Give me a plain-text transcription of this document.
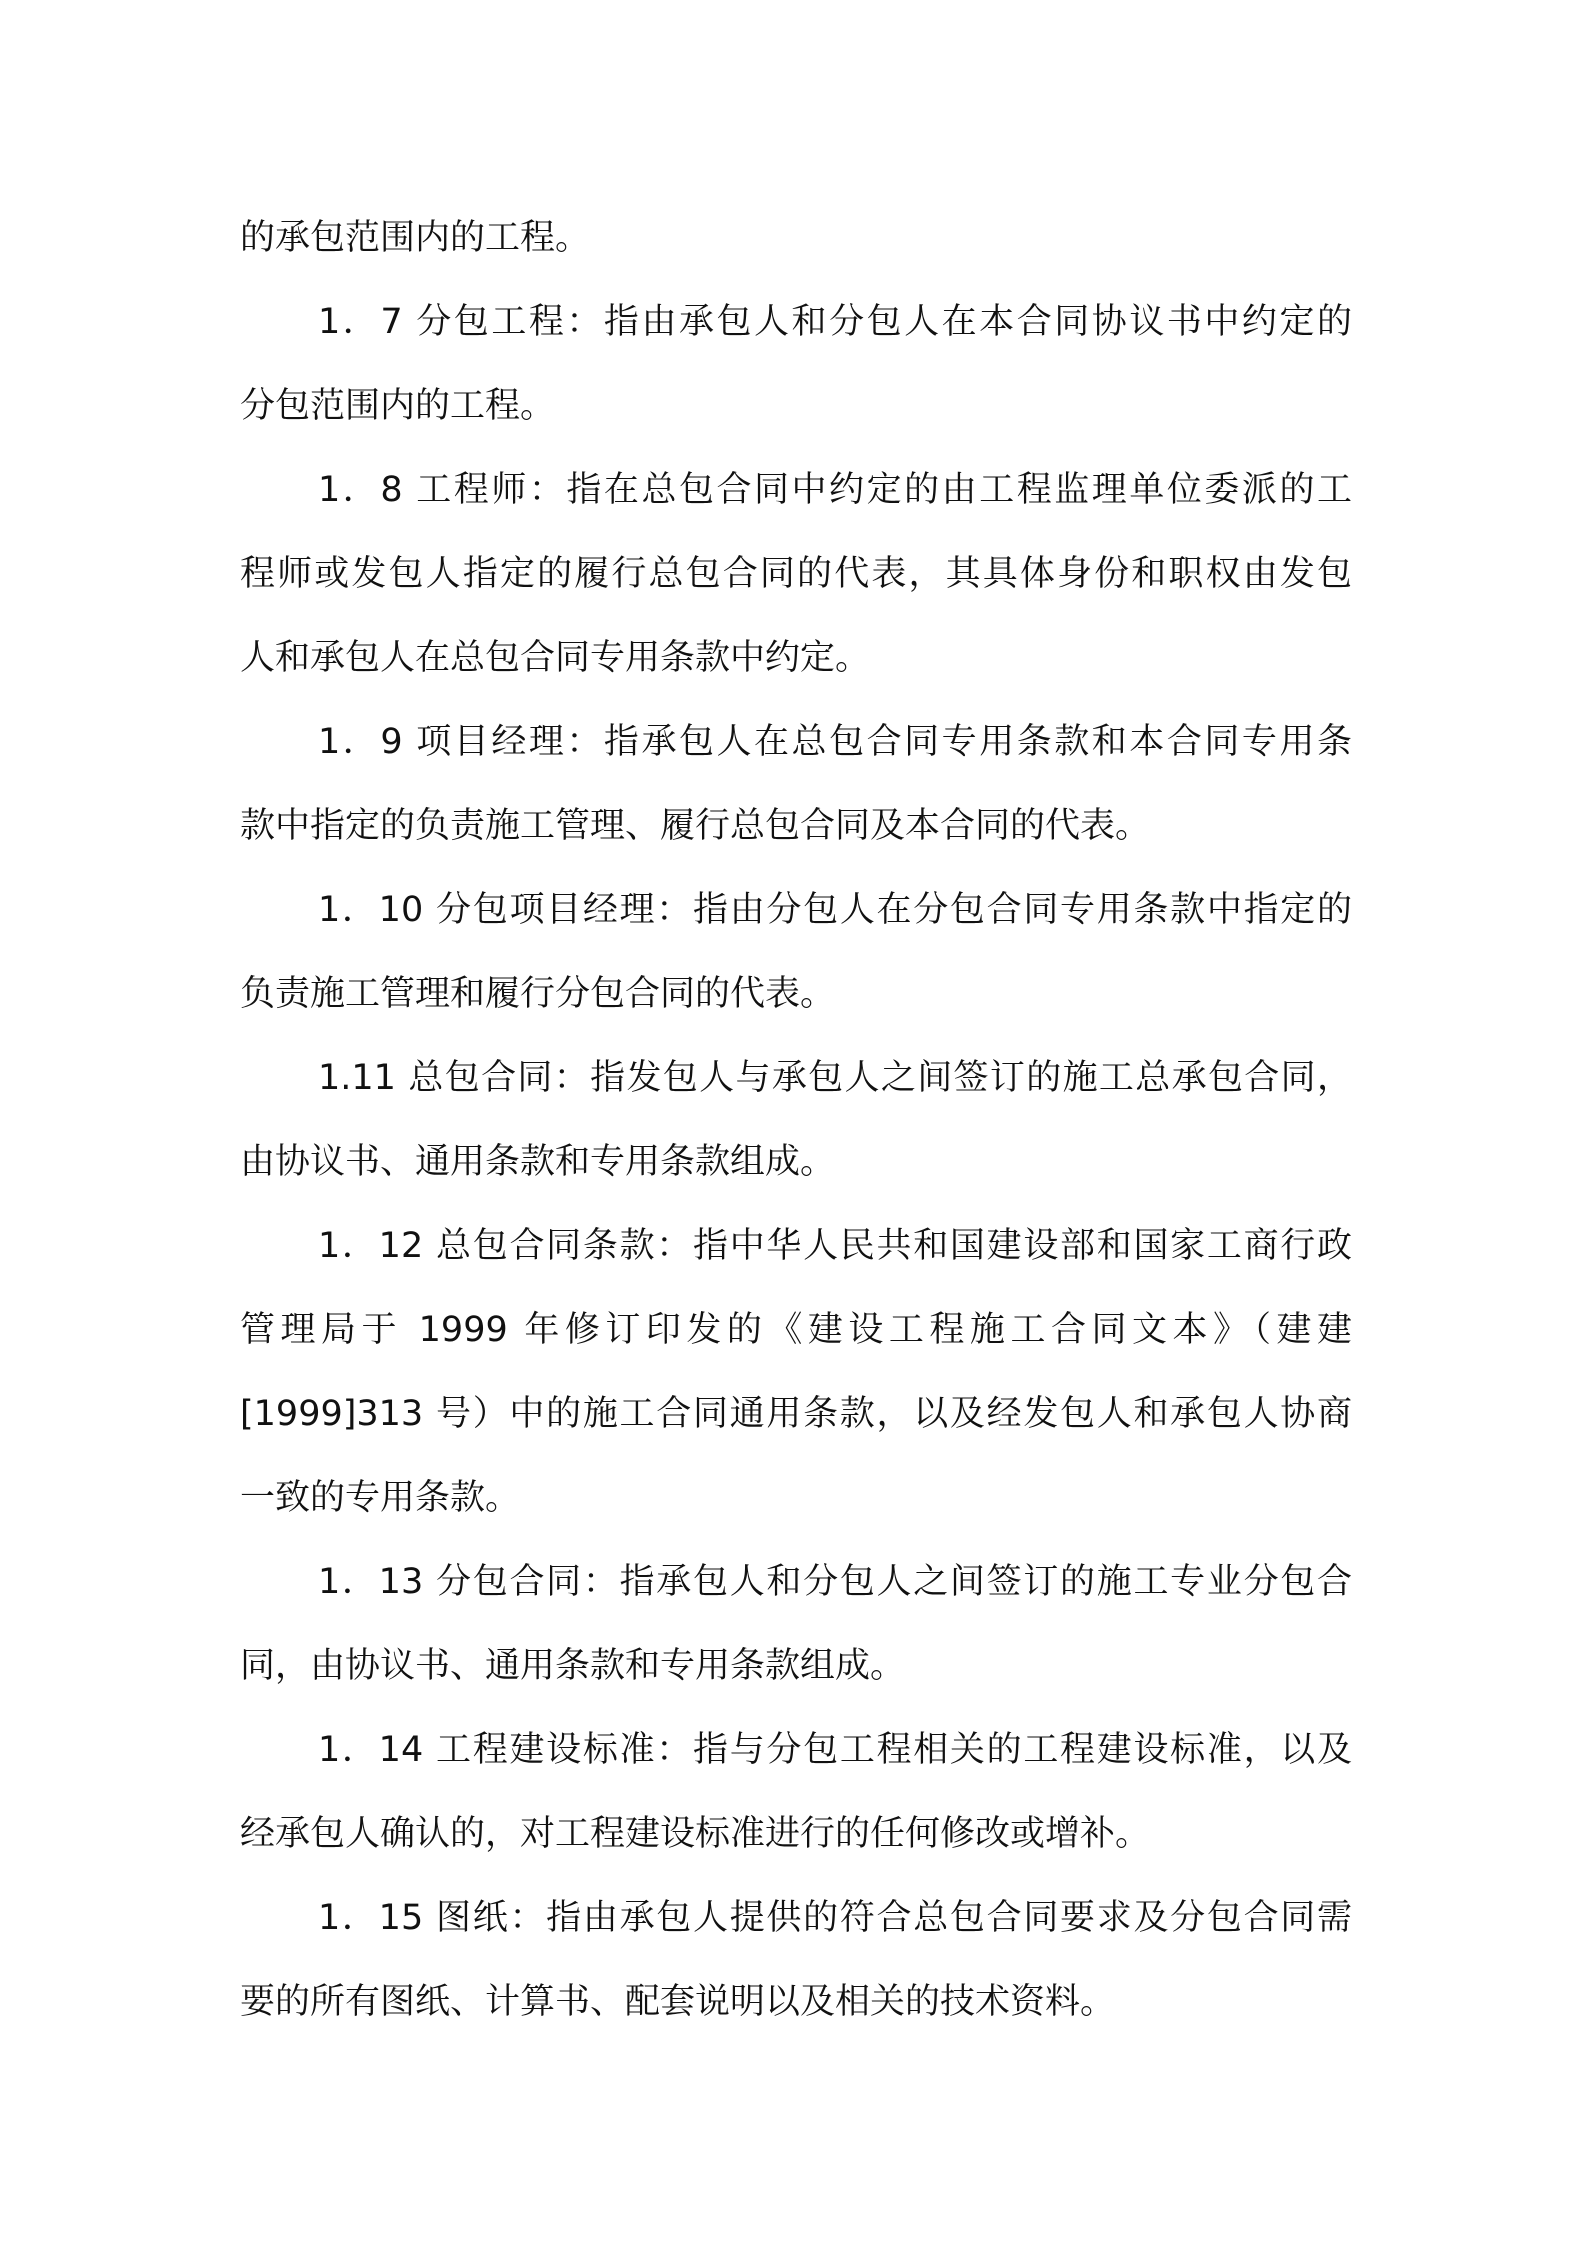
的承包范围内的工程。
1．7 分包工程：指由承包人和分包人在本合同协议书中约定的
分包范围内的工程。
1．8 工程师：指在总包合同中约定的由工程监理单位委派的工
程师或发包人指定的履行总包合同的代表，其具体身份和职权由发包
人和承包人在总包合同专用条款中约定。
1．9 项目经理：指承包人在总包合同专用条款和本合同专用条
款中指定的负责施工管理、履行总包合同及本合同的代表。
1．10 分包项目经理：指由分包人在分包合同专用条款中指定的
负责施工管理和履行分包合同的代表。
1.11 总包合同：指发包人与承包人之间签订的施工总承包合同，
由协议书、通用条款和专用条款组成。
1．12 总包合同条款：指中华人民共和国建设部和国家工商行政
管理局于 1999 年修订印发的《建设工程施工合同文本》（建建
[1999]313 号）中的施工合同通用条款，以及经发包人和承包人协商
一致的专用条款。
1．13 分包合同：指承包人和分包人之间签订的施工专业分包合
同，由协议书、通用条款和专用条款组成。
1．14 工程建设标准：指与分包工程相关的工程建设标准，以及
经承包人确认的，对工程建设标准进行的任何修改或增补。
1．15 图纸：指由承包人提供的符合总包合同要求及分包合同需
要的所有图纸、计算书、配套说明以及相关的技术资料。
